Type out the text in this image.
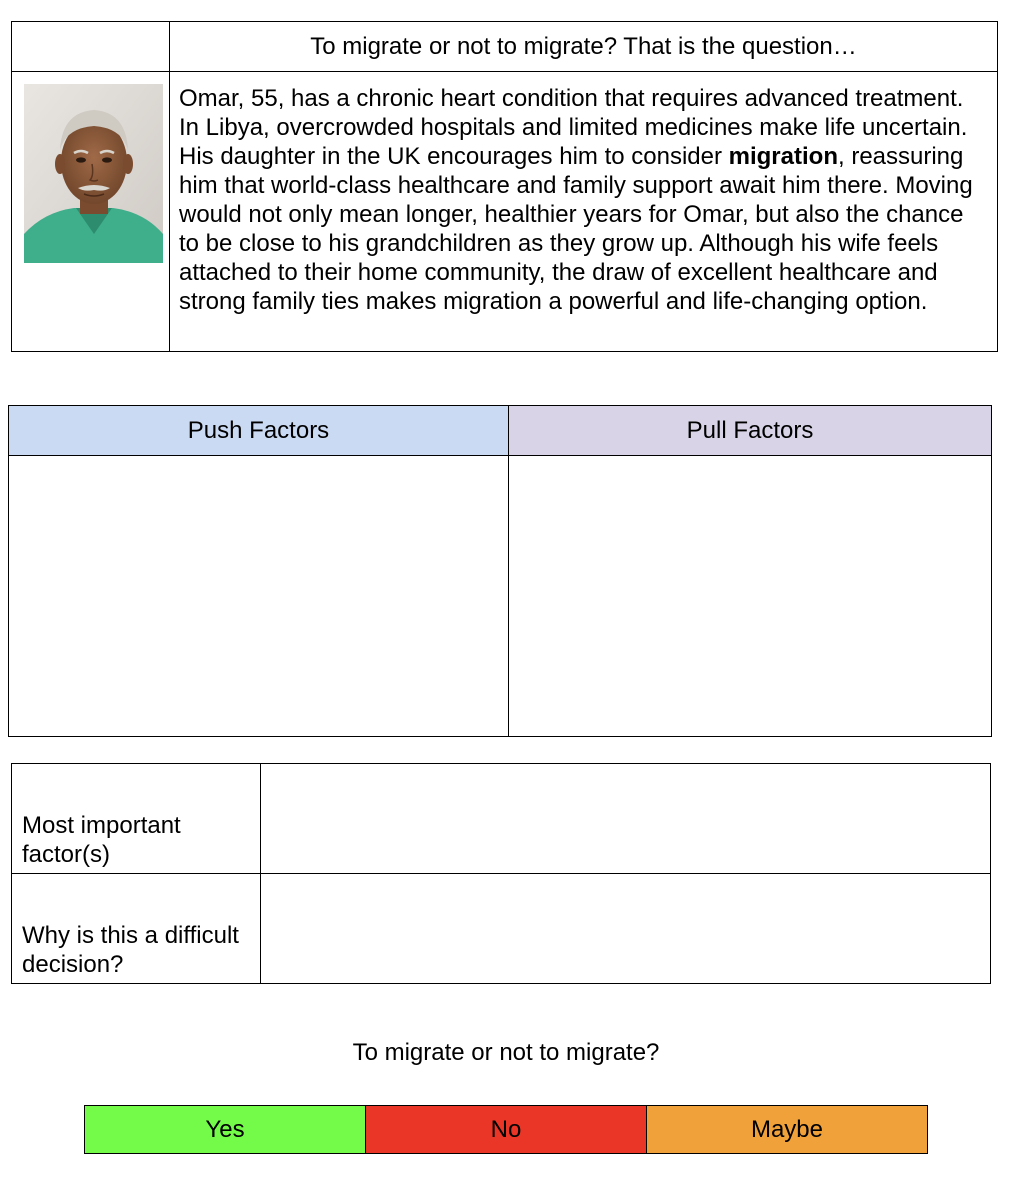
	To migrate or not to migrate? That is the question…

	Omar, 55, has a chronic heart condition that requires advanced treatment. In Libya, overcrowded hospitals and limited medicines make life uncertain. His daughter in the UK encourages him to consider migration, reassuring him that world-class healthcare and family support await him there. Moving would not only mean longer, healthier years for Omar, but also the chance to be close to his grandchildren as they grow up. Although his wife feels attached to their home community, the draw of excellent healthcare and strong family ties makes migration a powerful and life-changing option.
Push Factors	Pull Factors

Most important factor(s)	
Why is this a difficult decision?	
To migrate or not to migrate?
Yes	No	Maybe
